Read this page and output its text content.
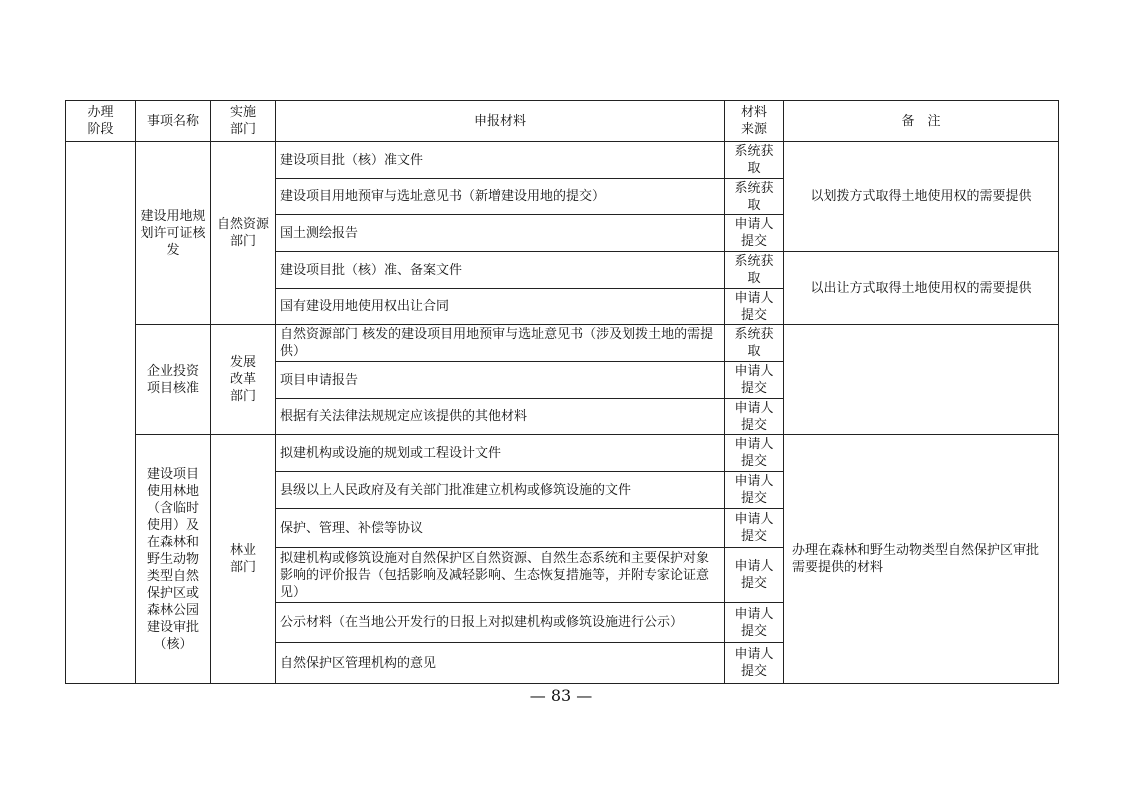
办理阶段	事项名称	实施部门	申报材料	材料来源	备　注
	建设用地规划许可证核发	自然资源部门	建设项目批（核）准文件	系统获取	以划拨方式取得土地使用权的需要提供
			建设项目用地预审与选址意见书（新增建设用地的提交）	系统获取	
			国土测绘报告	申请人提交	
			建设项目批（核）准、备案文件	系统获取	以出让方式取得土地使用权的需要提供
			国有建设用地使用权出让合同	申请人提交	
	企业投资项目核准	发展改革部门	自然资源部门 核发的建设项目用地预审与选址意见书（涉及划拨土地的需提供）	系统获取	
			项目申请报告	申请人提交	
			根据有关法律法规规定应该提供的其他材料	申请人提交	
	建设项目使用林地（含临时使用）及在森林和野生动物类型自然保护区或森林公园建设审批（核）	林业部门	拟建机构或设施的规划或工程设计文件	申请人提交	办理在森林和野生动物类型自然保护区审批需要提供的材料
			县级以上人民政府及有关部门批准建立机构或修筑设施的文件	申请人提交	
			保护、管理、补偿等协议	申请人提交	
			拟建机构或修筑设施对自然保护区自然资源、自然生态系统和主要保护对象影响的评价报告（包括影响及减轻影响、生态恢复措施等，并附专家论证意见）	申请人提交	
			公示材料（在当地公开发行的日报上对拟建机构或修筑设施进行公示）	申请人提交	
			自然保护区管理机构的意见	申请人提交	
— 83 —
